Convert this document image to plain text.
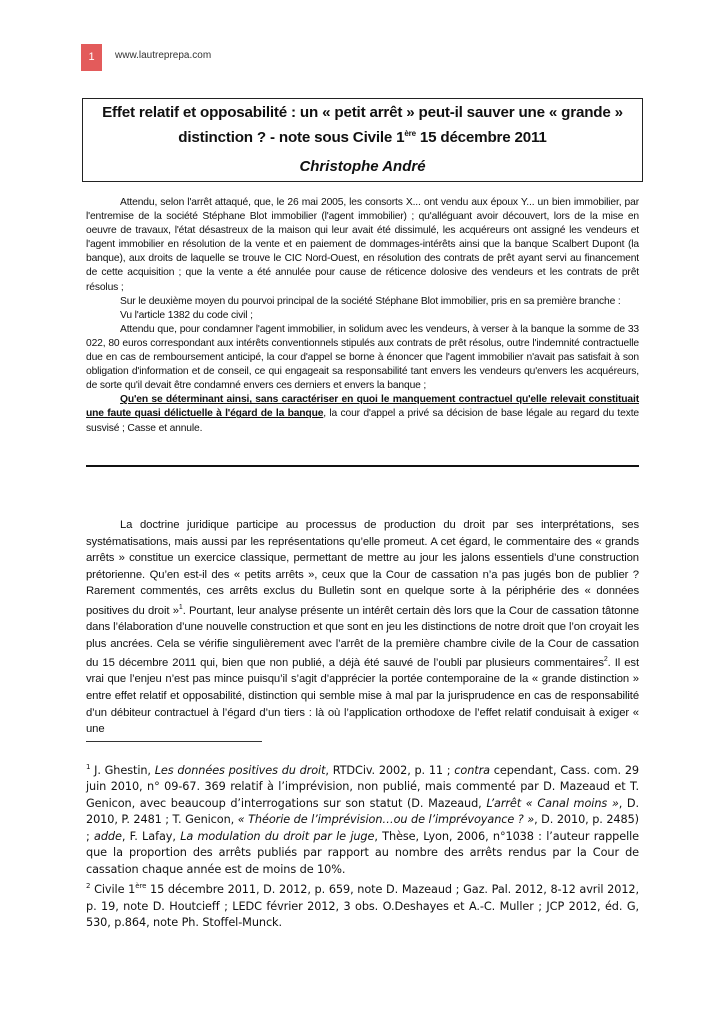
1	www.lautreprepa.com
Effet relatif et opposabilité : un « petit arrêt » peut-il sauver une « grande »
distinction ? - note sous Civile 1ère 15 décembre 2011
Christophe André

Attendu, selon l'arrêt attaqué, que, le 26 mai 2005, les consorts X... ont vendu aux époux Y... un bien immobilier, par l'entremise de la société Stéphane Blot immobilier (l'agent immobilier) ; qu'alléguant avoir découvert, lors de la mise en oeuvre de travaux, l'état désastreux de la maison qui leur avait été dissimulé, les acquéreurs ont assigné les vendeurs et l'agent immobilier en résolution de la vente et en paiement de dommages-intérêts ainsi que la banque Scalbert Dupont (la banque), aux droits de laquelle se trouve le CIC Nord-Ouest, en résolution des contrats de prêt ayant servi au financement de cette acquisition ; que la vente a été annulée pour cause de réticence dolosive des vendeurs et les contrats de prêt résolus ;

Sur le deuxième moyen du pourvoi principal de la société Stéphane Blot immobilier, pris en sa première branche :

Vu l'article 1382 du code civil ;

Attendu que, pour condamner l'agent immobilier, in solidum avec les vendeurs, à verser à la banque la somme de 33 022, 80 euros correspondant aux intérêts conventionnels stipulés aux contrats de prêt résolus, outre l'indemnité contractuelle due en cas de remboursement anticipé, la cour d'appel se borne à énoncer que l'agent immobilier n'avait pas satisfait à son obligation d'information et de conseil, ce qui engageait sa responsabilité tant envers les vendeurs qu'envers les acquéreurs, de sorte qu'il devait être condamné envers ces derniers et envers la banque ;

Qu'en se déterminant ainsi, sans caractériser en quoi le manquement contractuel qu'elle relevait constituait une faute quasi délictuelle à l'égard de la banque, la cour d'appel a privé sa décision de base légale au regard du texte susvisé ; Casse et annule.

La doctrine juridique participe au processus de production du droit par ses interprétations, ses systématisations, mais aussi par les représentations qu’elle promeut. A cet égard, le commentaire des « grands arrêts » constitue un exercice classique, permettant de mettre au jour les jalons essentiels d’une construction prétorienne. Qu’en est-il des « petits arrêts », ceux que la Cour de cassation n’a pas jugés bon de publier ? Rarement commentés, ces arrêts exclus du Bulletin sont en quelque sorte à la périphérie des « données positives du droit »$^1$. Pourtant, leur analyse présente un intérêt certain dès lors que la Cour de cassation tâtonne dans l’élaboration d’une nouvelle construction et que sont en jeu les distinctions de notre droit que l’on croyait les plus ancrées. Cela se vérifie singulièrement avec l’arrêt de la première chambre civile de la Cour de cassation du 15 décembre 2011 qui, bien que non publié, a déjà été sauvé de l’oubli par plusieurs commentaires$^2$. Il est vrai que l’enjeu n’est pas mince puisqu’il s’agit d’apprécier la portée contemporaine de la « grande distinction » entre effet relatif et opposabilité, distinction qui semble mise à mal par la jurisprudence en cas de responsabilité d’un débiteur contractuel à l’égard d’un tiers : là où l’application orthodoxe de l’effet relatif conduisait à exiger « une

$^1$ J. Ghestin, Les données positives du droit, RTDCiv. 2002, p. 11 ; contra cependant, Cass. com. 29 juin 2010, n° 09-67. 369 relatif à l’imprévision, non publié, mais commenté par D. Mazeaud et T. Genicon, avec beaucoup d’interrogations sur son statut (D. Mazeaud, L’arrêt « Canal moins », D. 2010, P. 2481 ; T. Genicon, « Théorie de l’imprévision…ou de l’imprévoyance ? », D. 2010, p. 2485) ; adde, F. Lafay, La modulation du droit par le juge, Thèse, Lyon, 2006, n°1038 : l’auteur rappelle que la proportion des arrêts publiés par rapport au nombre des arrêts rendus par la Cour de cassation chaque année est de moins de 10%.

$^2$ Civile 1ère 15 décembre 2011, D. 2012, p. 659, note D. Mazeaud ; Gaz. Pal. 2012, 8-12 avril 2012, p. 19, note D. Houtcieff ; LEDC février 2012, 3 obs. O.Deshayes et A.-C. Muller ; JCP 2012, éd. G, 530, p.864, note Ph. Stoffel-Munck.
